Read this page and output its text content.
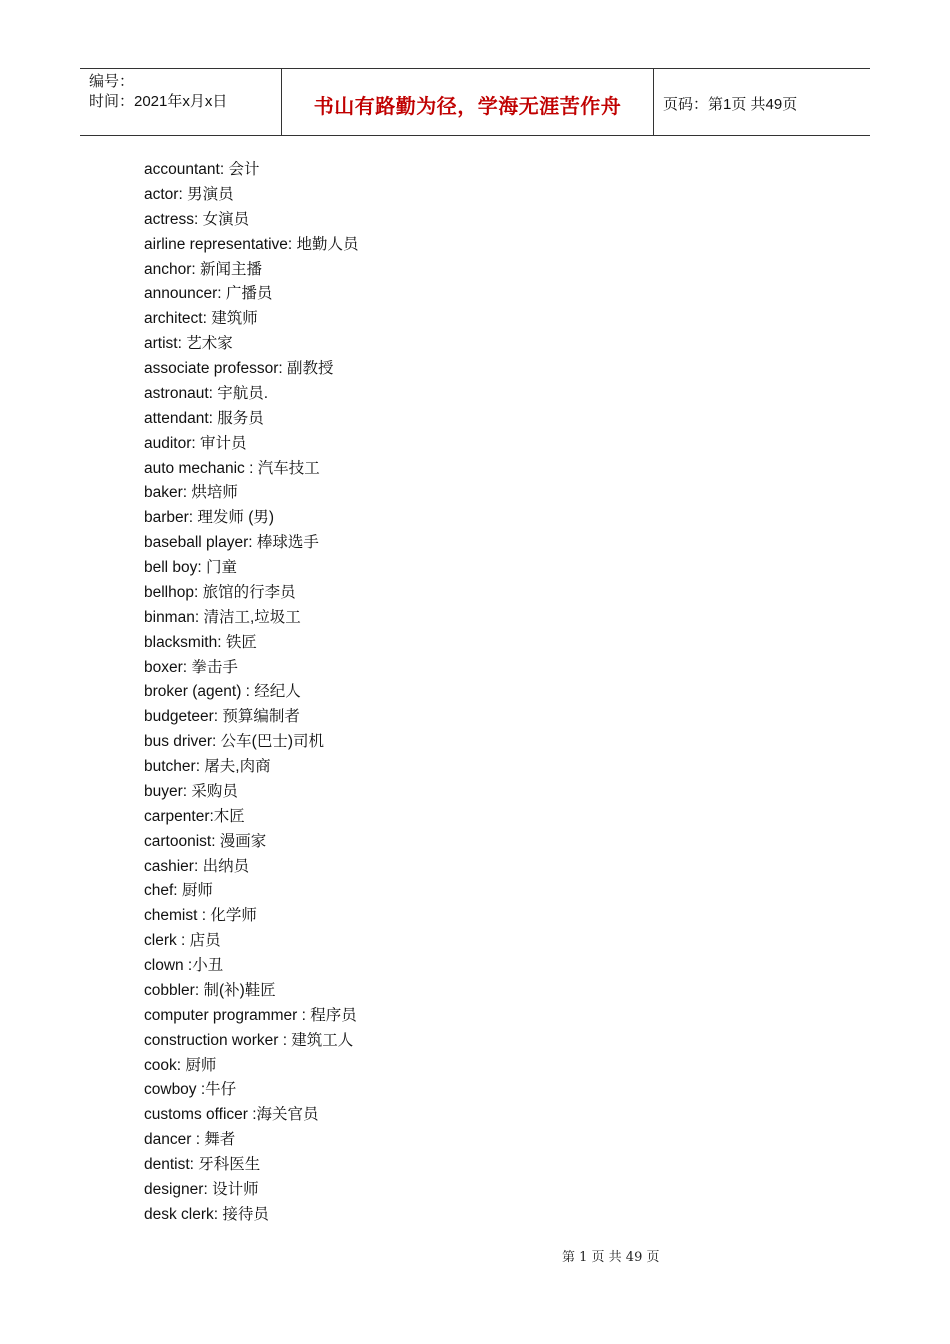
编号：
时间：2021年x月x日	书山有路勤为径，学海无涯苦作舟	页码：第1页 共49页
accountant: 会计
actor: 男演员
actress: 女演员
airline representative: 地勤人员
anchor: 新闻主播
announcer: 广播员
architect: 建筑师
artist: 艺术家
associate professor: 副教授
astronaut: 宇航员.
attendant: 服务员
auditor: 审计员
auto mechanic : 汽车技工
baker: 烘培师
barber: 理发师 (男)
baseball player: 棒球选手
bell boy: 门童
bellhop: 旅馆的行李员
binman: 清洁工,垃圾工
blacksmith: 铁匠
boxer: 拳击手
broker (agent) : 经纪人
budgeteer: 预算编制者
bus driver: 公车(巴士)司机
butcher: 屠夫,肉商
buyer: 采购员
carpenter:木匠
cartoonist: 漫画家
cashier: 出纳员
chef: 厨师
chemist : 化学师
clerk : 店员
clown :小丑
cobbler: 制(补)鞋匠
computer programmer : 程序员
construction worker : 建筑工人
cook: 厨师
cowboy :牛仔
customs officer :海关官员
dancer : 舞者
dentist: 牙科医生
designer: 设计师
desk clerk: 接待员
第 1 页 共 49 页
